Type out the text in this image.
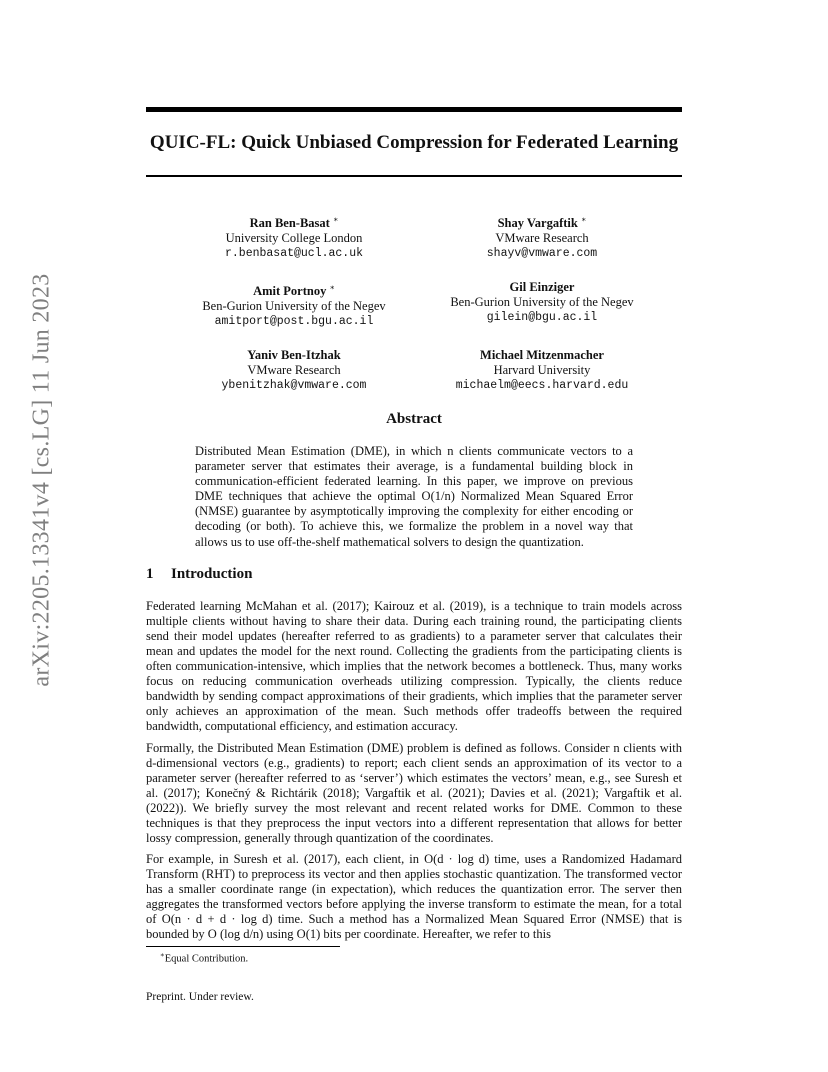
arXiv:2205.13341v4 [cs.LG] 11 Jun 2023
QUIC-FL: Quick Unbiased Compression for Federated Learning
Ran Ben-Basat ∗
University College London
r.benbasat@ucl.ac.uk
Shay Vargaftik ∗
VMware Research
shayv@vmware.com
Amit Portnoy ∗
Ben-Gurion University of the Negev
amitport@post.bgu.ac.il
Gil Einziger
Ben-Gurion University of the Negev
gilein@bgu.ac.il
Yaniv Ben-Itzhak
VMware Research
ybenitzhak@vmware.com
Michael Mitzenmacher
Harvard University
michaelm@eecs.harvard.edu
Abstract
Distributed Mean Estimation (DME), in which n clients communicate vectors to a parameter server that estimates their average, is a fundamental building block in communication-efficient federated learning. In this paper, we improve on previous DME techniques that achieve the optimal O(1/n) Normalized Mean Squared Error (NMSE) guarantee by asymptotically improving the complexity for either encoding or decoding (or both). To achieve this, we formalize the problem in a novel way that allows us to use off-the-shelf mathematical solvers to design the quantization.
1 Introduction
Federated learning McMahan et al. (2017); Kairouz et al. (2019), is a technique to train models across multiple clients without having to share their data. During each training round, the participating clients send their model updates (hereafter referred to as gradients) to a parameter server that calculates their mean and updates the model for the next round. Collecting the gradients from the participating clients is often communication-intensive, which implies that the network becomes a bottleneck. Thus, many works focus on reducing communication overheads utilizing compression. Typically, the clients reduce bandwidth by sending compact approximations of their gradients, which implies that the parameter server only achieves an approximation of the mean. Such methods offer tradeoffs between the required bandwidth, computational efficiency, and estimation accuracy.
Formally, the Distributed Mean Estimation (DME) problem is defined as follows. Consider n clients with d-dimensional vectors (e.g., gradients) to report; each client sends an approximation of its vector to a parameter server (hereafter referred to as ‘server’) which estimates the vectors’ mean, e.g., see Suresh et al. (2017); Konečný & Richtárik (2018); Vargaftik et al. (2021); Davies et al. (2021); Vargaftik et al. (2022)). We briefly survey the most relevant and recent related works for DME. Common to these techniques is that they preprocess the input vectors into a different representation that allows for better lossy compression, generally through quantization of the coordinates.
For example, in Suresh et al. (2017), each client, in O(d · log d) time, uses a Randomized Hadamard Transform (RHT) to preprocess its vector and then applies stochastic quantization. The transformed vector has a smaller coordinate range (in expectation), which reduces the quantization error. The server then aggregates the transformed vectors before applying the inverse transform to estimate the mean, for a total of O(n · d + d · log d) time. Such a method has a Normalized Mean Squared Error (NMSE) that is bounded by O (log d/n) using O(1) bits per coordinate. Hereafter, we refer to this
∗Equal Contribution.
Preprint. Under review.
